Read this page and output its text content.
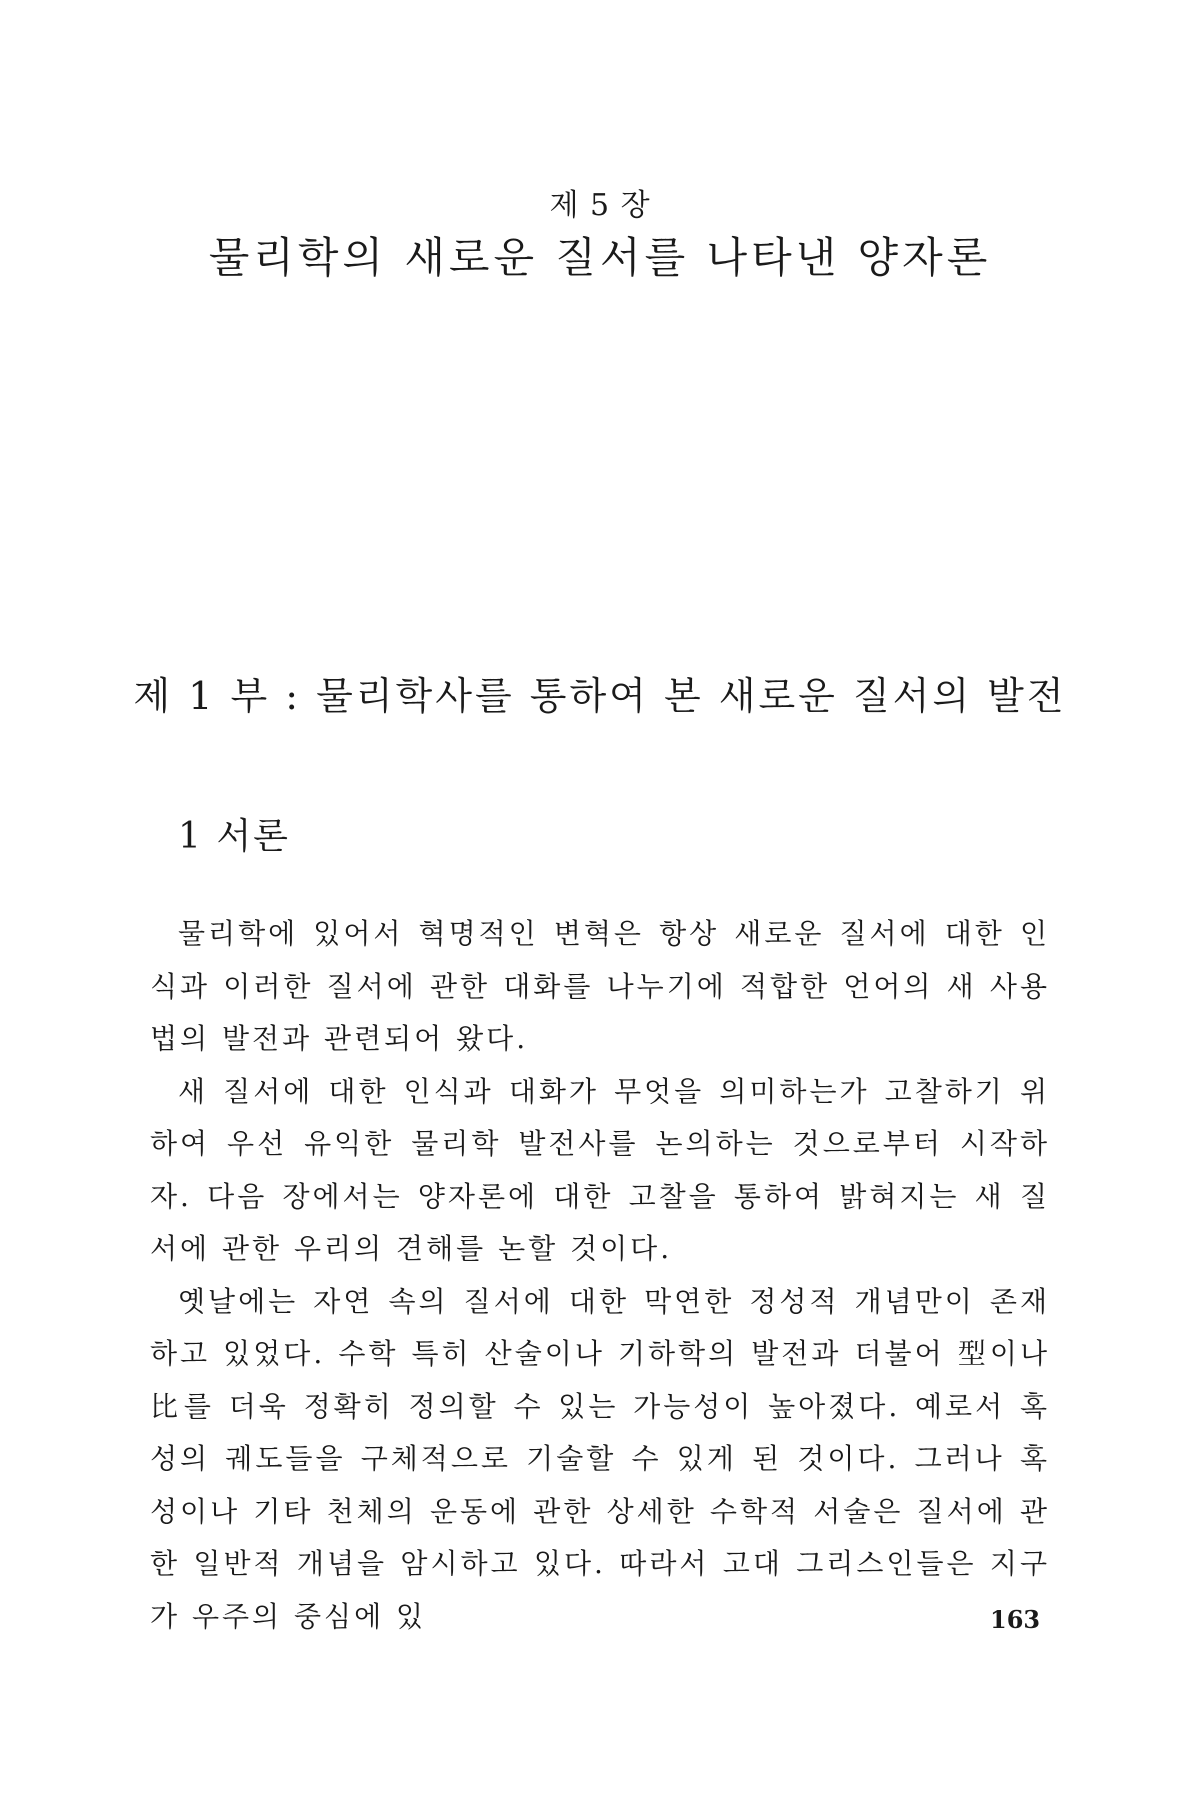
제 5 장
물리학의 새로운 질서를 나타낸 양자론
제 1 부 : 물리학사를 통하여 본 새로운 질서의 발전
1 서론

물리학에 있어서 혁명적인 변혁은 항상 새로운 질서에 대한 인식과 이러한 질서에 관한 대화를 나누기에 적합한 언어의 새 사용법의 발전과 관련되어 왔다.

새 질서에 대한 인식과 대화가 무엇을 의미하는가 고찰하기 위하여 우선 유익한 물리학 발전사를 논의하는 것으로부터 시작하자. 다음 장에서는 양자론에 대한 고찰을 통하여 밝혀지는 새 질서에 관한 우리의 견해를 논할 것이다.

옛날에는 자연 속의 질서에 대한 막연한 정성적 개념만이 존재하고 있었다. 수학 특히 산술이나 기하학의 발전과 더불어 型이나 比를 더욱 정확히 정의할 수 있는 가능성이 높아졌다. 예로서 혹성의 궤도들을 구체적으로 기술할 수 있게 된 것이다. 그러나 혹성이나 기타 천체의 운동에 관한 상세한 수학적 서술은 질서에 관한 일반적 개념을 암시하고 있다. 따라서 고대 그리스인들은 지구가 우주의 중심에 있	163
